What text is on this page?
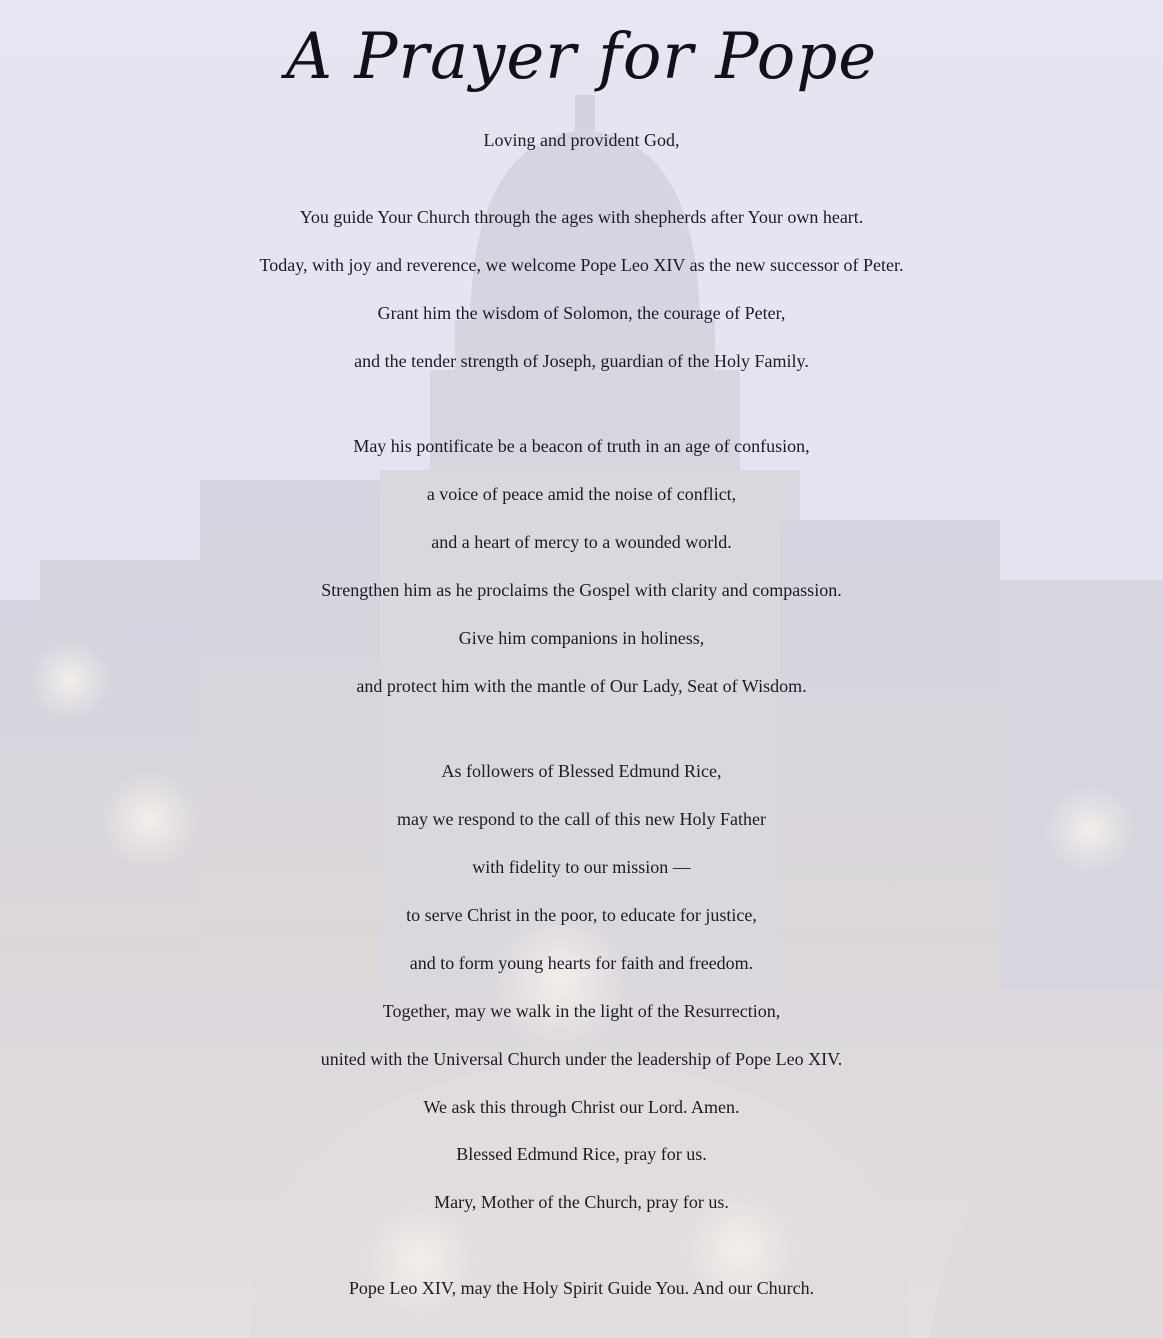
A Prayer for Pope
Loving and provident God,
You guide Your Church through the ages with shepherds after Your own heart.
Today, with joy and reverence, we welcome Pope Leo XIV as the new successor of Peter.
Grant him the wisdom of Solomon, the courage of Peter,
and the tender strength of Joseph, guardian of the Holy Family.
May his pontificate be a beacon of truth in an age of confusion,
a voice of peace amid the noise of conflict,
and a heart of mercy to a wounded world.
Strengthen him as he proclaims the Gospel with clarity and compassion.
Give him companions in holiness,
and protect him with the mantle of Our Lady, Seat of Wisdom.
As followers of Blessed Edmund Rice,
may we respond to the call of this new Holy Father
with fidelity to our mission —
to serve Christ in the poor, to educate for justice,
and to form young hearts for faith and freedom.
Together, may we walk in the light of the Resurrection,
united with the Universal Church under the leadership of Pope Leo XIV.
We ask this through Christ our Lord. Amen.
Blessed Edmund Rice, pray for us.
Mary, Mother of the Church, pray for us.
Pope Leo XIV, may the Holy Spirit Guide You. And our Church.
